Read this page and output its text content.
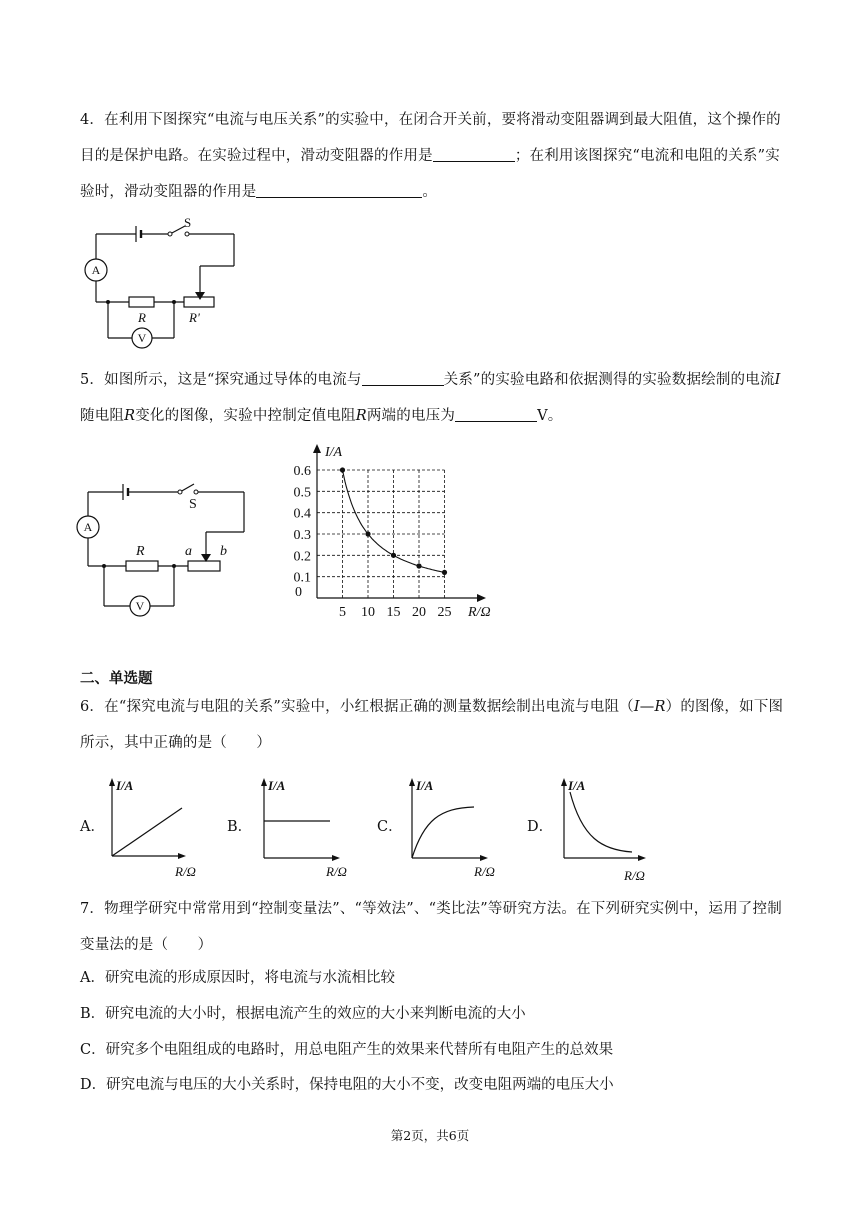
4．在利用下图探究“电流与电压关系”的实验中，在闭合开关前，要将滑动变阻器调到最大阻值，这个操作的目的是保护电路。在实验过程中，滑动变阻器的作用是	；在利用该图探究“电流和电阻的关系”实验时，滑动变阻器的作用是	。

A
V
S
R	R'

5．如图所示，这是“探究通过导体的电流与	关系”的实验电路和依据测得的实验数据绘制的电流I随电阻R变化的图像，实验中控制定值电阻R两端的电压为	V。

A
V
S
R	a b
0
0.1
0.2
0.3
0.4
0.5
0.6
5 10 15 20 25
I/A
R/Ω

二、单选题

6．在“探究电流与电阻的关系”实验中，小红根据正确的测量数据绘制出电流与电阻（I—R）的图像，如下图所示，其中正确的是（　　）

A．
I/A
R/Ω
B．
I/A
R/Ω
C．
I/A
R/Ω
D．
I/A
R/Ω

7．物理学研究中常常用到“控制变量法”、“等效法”、“类比法”等研究方法。在下列研究实例中，运用了控制变量法的是（　　）

A．研究电流的形成原因时，将电流与水流相比较

B．研究电流的大小时，根据电流产生的效应的大小来判断电流的大小

C．研究多个电阻组成的电路时，用总电阻产生的效果来代替所有电阻产生的总效果

D．研究电流与电压的大小关系时，保持电阻的大小不变，改变电阻两端的电压大小

第2页，共6页
